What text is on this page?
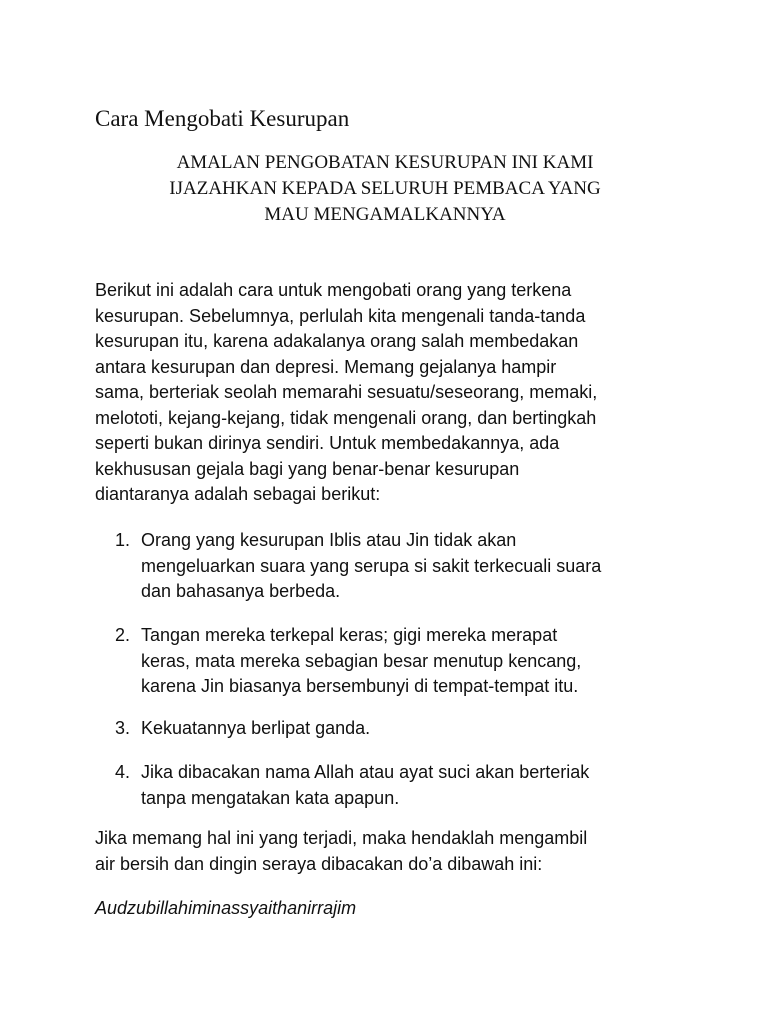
Cara Mengobati Kesurupan

AMALAN PENGOBATAN KESURUPAN INI KAMI

IJAZAHKAN KEPADA SELURUH PEMBACA YANG

MAU MENGAMALKANNYA

Berikut ini adalah cara untuk mengobati orang yang terkena
kesurupan. Sebelumnya, perlulah kita mengenali tanda-tanda
kesurupan itu, karena adakalanya orang salah membedakan
antara kesurupan dan depresi. Memang gejalanya hampir
sama, berteriak seolah memarahi sesuatu/seseorang, memaki,
melototi, kejang-kejang, tidak mengenali orang, dan bertingkah
seperti bukan dirinya sendiri. Untuk membedakannya, ada
kekhususan gejala bagi yang benar-benar kesurupan
diantaranya adalah sebagai berikut:
1. Orang yang kesurupan Iblis atau Jin tidak akan
mengeluarkan suara yang serupa si sakit terkecuali suara
dan bahasanya berbeda.
2. Tangan mereka terkepal keras; gigi mereka merapat
keras, mata mereka sebagian besar menutup kencang,
karena Jin biasanya bersembunyi di tempat-tempat itu.
3. Kekuatannya berlipat ganda.
4. Jika dibacakan nama Allah atau ayat suci akan berteriak
tanpa mengatakan kata apapun.
Jika memang hal ini yang terjadi, maka hendaklah mengambil
air bersih dan dingin seraya dibacakan do’a dibawah ini:
Audzubillahiminassyaithanirrajim
